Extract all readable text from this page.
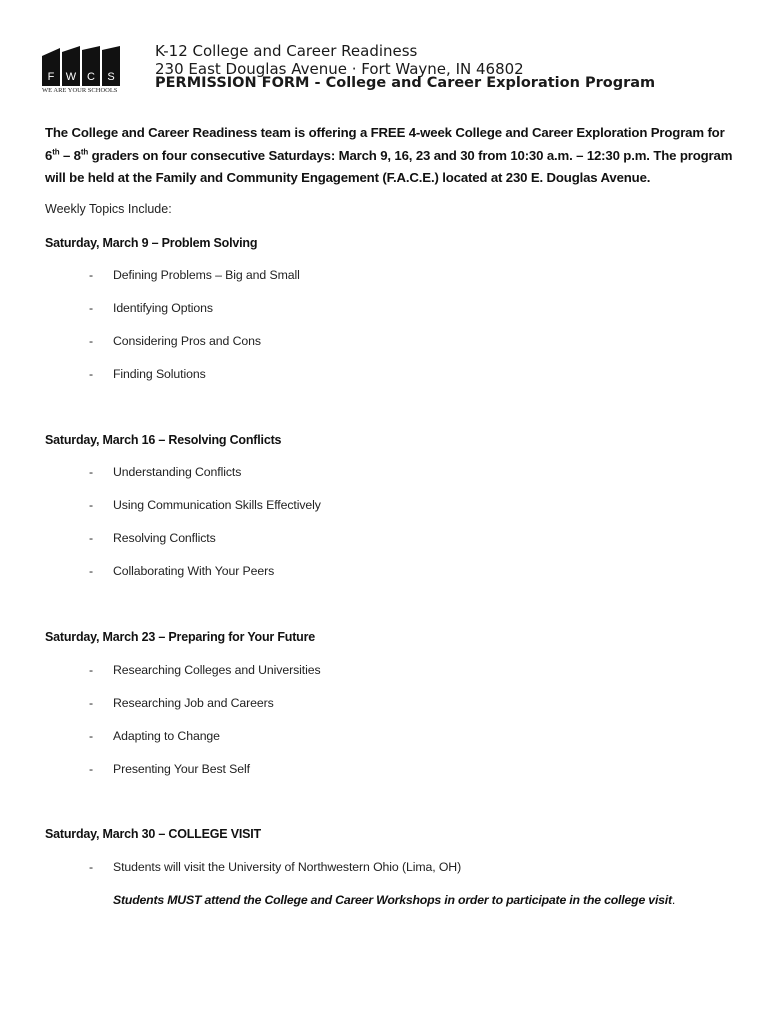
F W C S
WE ARE YOUR SCHOOLS
K-12 College and Career Readiness
230 East Douglas Avenue · Fort Wayne, IN 46802
PERMISSION FORM - College and Career Exploration Program
The College and Career Readiness team is offering a FREE 4-week College and Career Exploration Program for 6th – 8th graders on four consecutive Saturdays: March 9, 16, 23 and 30 from 10:30 a.m. – 12:30 p.m. The program will be held at the Family and Community Engagement (F.A.C.E.) located at 230 E. Douglas Avenue.
Weekly Topics Include:
Saturday, March 9 – Problem Solving
- Defining Problems – Big and Small
- Identifying Options
- Considering Pros and Cons
- Finding Solutions
Saturday, March 16 – Resolving Conflicts
- Understanding Conflicts
- Using Communication Skills Effectively
- Resolving Conflicts
- Collaborating With Your Peers
Saturday, March 23 – Preparing for Your Future
- Researching Colleges and Universities
- Researching Job and Careers
- Adapting to Change
- Presenting Your Best Self
Saturday, March 30 – COLLEGE VISIT
- Students will visit the University of Northwestern Ohio (Lima, OH)
Students MUST attend the College and Career Workshops in order to participate in the college visit.
